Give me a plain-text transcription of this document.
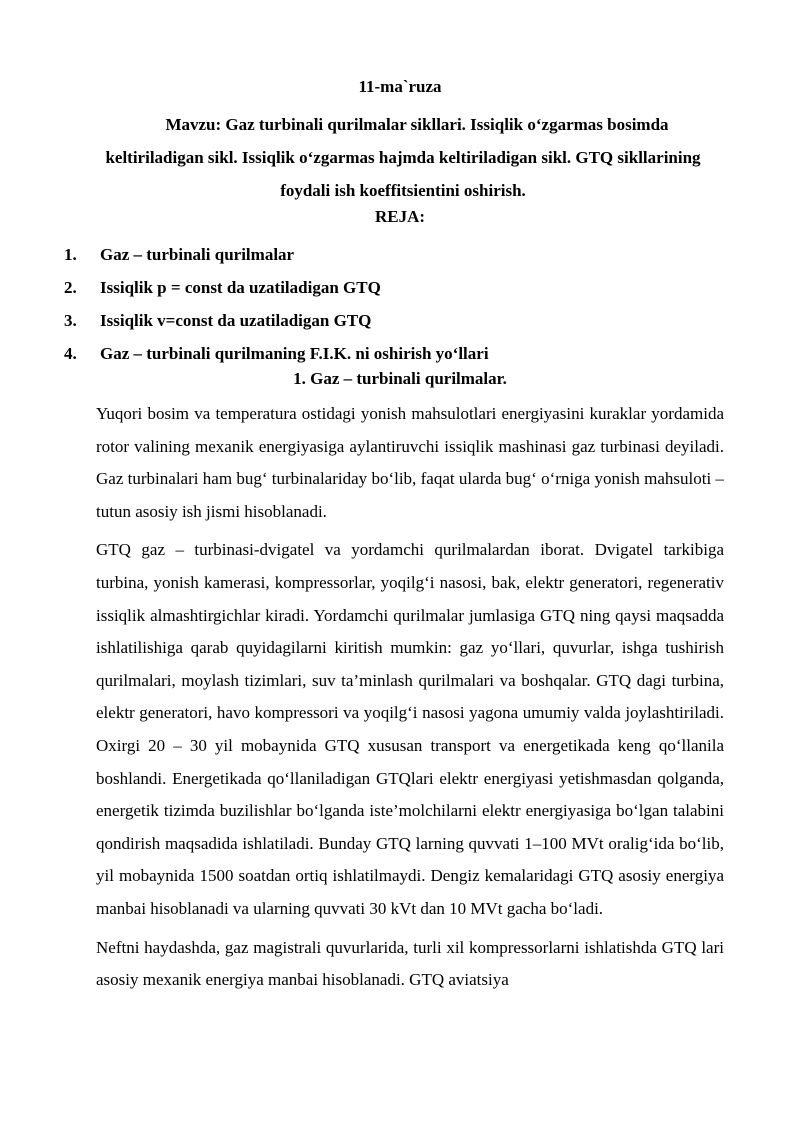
11-ma`ruza
Mavzu: Gaz turbinali qurilmalar sikllari. Issiqlik o‘zgarmas bosimda keltiriladigan sikl. Issiqlik o‘zgarmas hajmda keltiriladigan sikl. GTQ sikllarining foydali ish koeffitsientini oshirish.
REJA:
1. Gaz – turbinali qurilmalar
2. Issiqlik p = const da uzatiladigan GTQ
3. Issiqlik v=const da uzatiladigan GTQ
4. Gaz – turbinali qurilmaning F.I.K. ni oshirish yo‘llari
1. Gaz – turbinali qurilmalar.

Yuqori bosim va temperatura ostidagi yonish mahsulotlari energiyasini kuraklar yordamida rotor valining mexanik energiyasiga aylantiruvchi issiqlik mashinasi gaz turbinasi deyiladi. Gaz turbinalari ham bug‘ turbinalariday bo‘lib, faqat ularda bug‘ o‘rniga yonish mahsuloti – tutun asosiy ish jismi hisoblanadi.

GTQ gaz – turbinasi-dvigatel va yordamchi qurilmalardan iborat. Dvigatel tarkibiga turbina, yonish kamerasi, kompressorlar, yoqilg‘i nasosi, bak, elektr generatori, regenerativ issiqlik almashtirgichlar kiradi. Yordamchi qurilmalar jumlasiga GTQ ning qaysi maqsadda ishlatilishiga qarab quyidagilarni kiritish mumkin: gaz yo‘llari, quvurlar, ishga tushirish qurilmalari, moylash tizimlari, suv ta’minlash qurilmalari va boshqalar. GTQ dagi turbina, elektr generatori, havo kompressori va yoqilg‘i nasosi yagona umumiy valda joylashtiriladi. Oxirgi 20 – 30 yil mobaynida GTQ xususan transport va energetikada keng qo‘llanila boshlandi. Energetikada qo‘llaniladigan GTQlari elektr energiyasi yetishmasdan qolganda, energetik tizimda buzilishlar bo‘lganda iste’molchilarni elektr energiyasiga bo‘lgan talabini qondirish maqsadida ishlatiladi. Bunday GTQ larning quvvati 1–100 MVt oralig‘ida bo‘lib, yil mobaynida 1500 soatdan ortiq ishlatilmaydi. Dengiz kemalaridagi GTQ asosiy energiya manbai hisoblanadi va ularning quvvati 30 kVt dan 10 MVt gacha bo‘ladi.

Neftni haydashda, gaz magistrali quvurlarida, turli xil kompressorlarni ishlatishda GTQ lari asosiy mexanik energiya manbai hisoblanadi. GTQ aviatsiya
